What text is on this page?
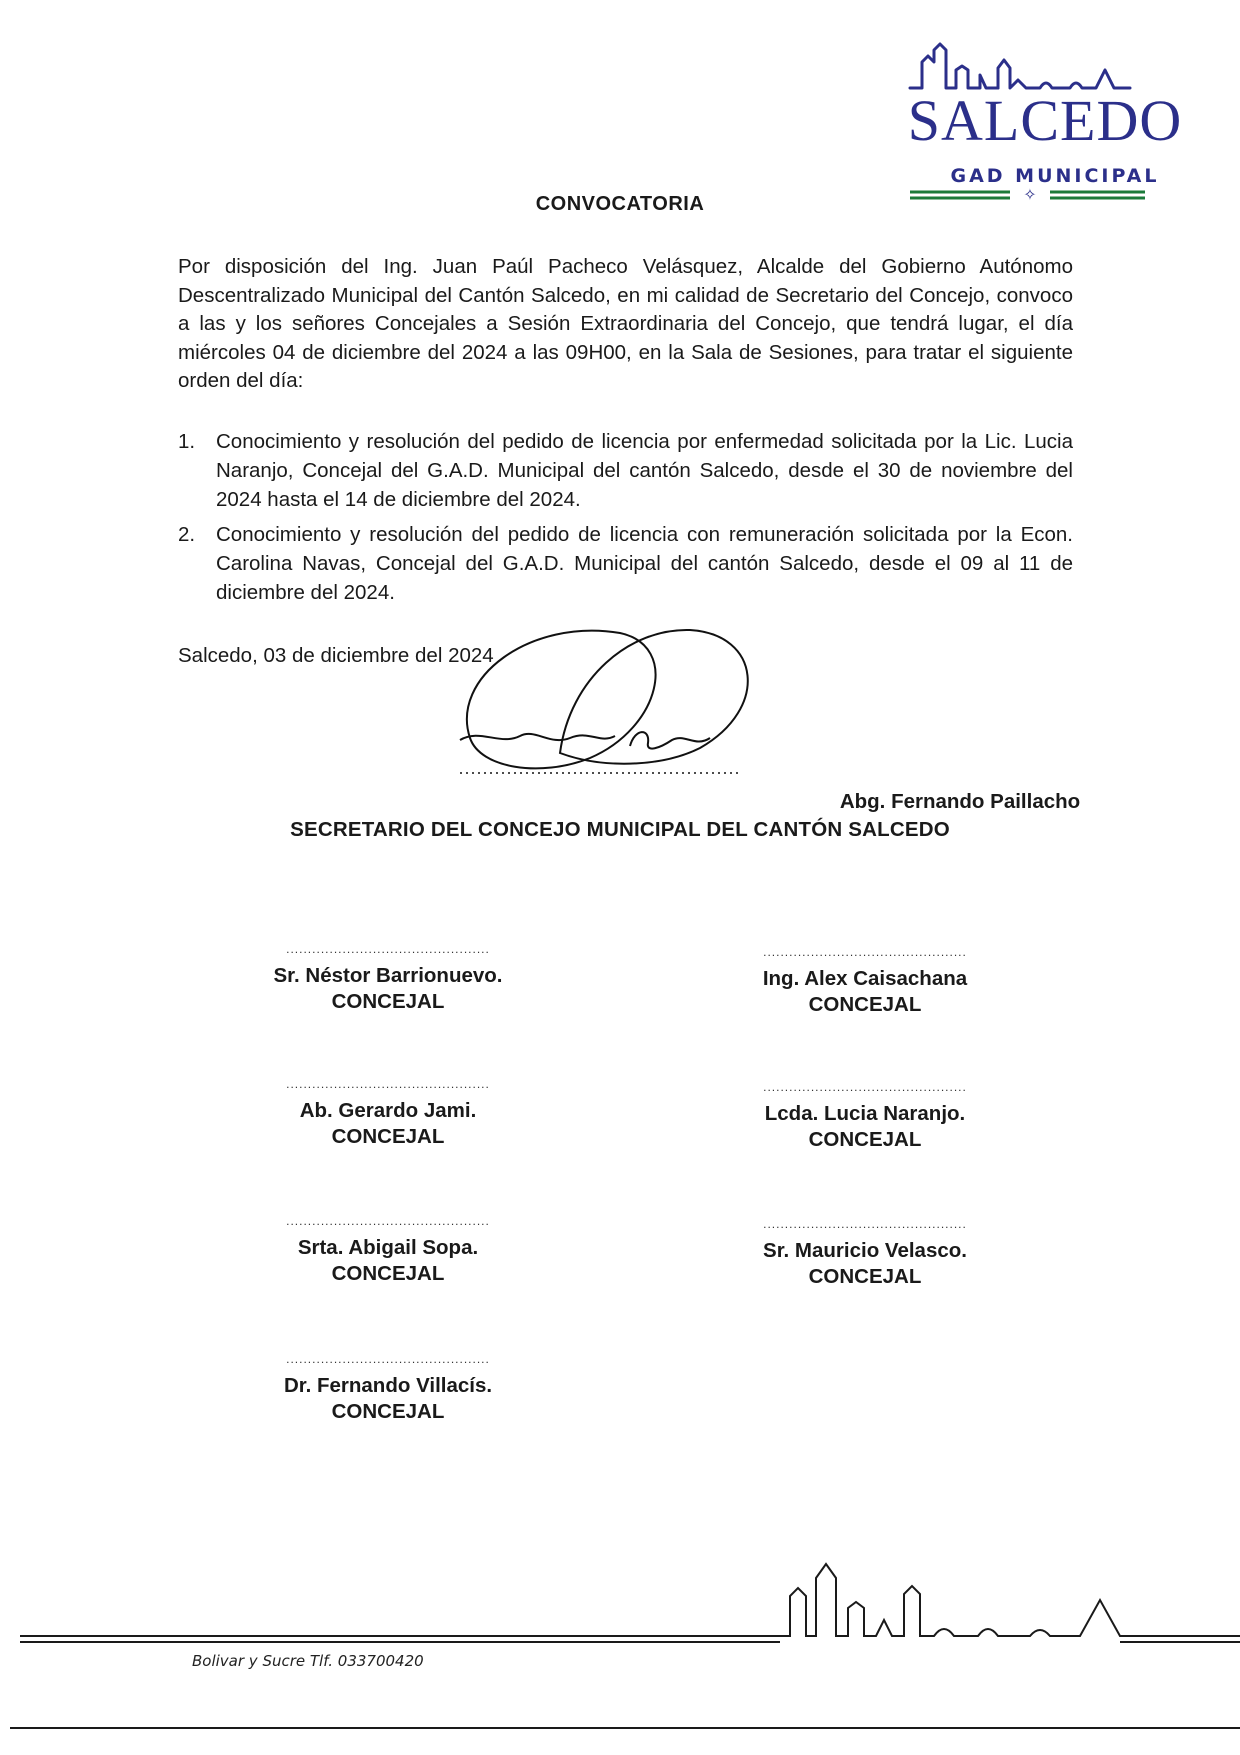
✧
SALCEDO
GAD MUNICIPAL
CONVOCATORIA

Por disposición del Ing. Juan Paúl Pacheco Velásquez, Alcalde del Gobierno Autónomo Descentralizado Municipal del Cantón Salcedo, en mi calidad de Secretario del Concejo, convoco a las y los señores Concejales a Sesión Extraordinaria del Concejo, que tendrá lugar, el día miércoles 04 de diciembre del 2024 a las 09H00, en la Sala de Sesiones, para tratar el siguiente orden del día:

1. Conocimiento y resolución del pedido de licencia por enfermedad solicitada por la Lic. Lucia Naranjo, Concejal del G.A.D. Municipal del cantón Salcedo, desde el 30 de noviembre del 2024 hasta el 14 de diciembre del 2024.
2. Conocimiento y resolución del pedido de licencia con remuneración solicitada por la Econ. Carolina Navas, Concejal del G.A.D. Municipal del cantón Salcedo, desde el 09 al 11 de diciembre del 2024.
Salcedo, 03 de diciembre del 2024
Abg. Fernando Paillacho
SECRETARIO DEL CONCEJO MUNICIPAL DEL CANTÓN SALCEDO
...............................................
Sr. Néstor Barrionuevo.
CONCEJAL
...............................................
Ing. Alex Caisachana
CONCEJAL
...............................................
Ab. Gerardo Jami.
CONCEJAL
...............................................
Lcda. Lucia Naranjo.
CONCEJAL
...............................................
Srta. Abigail Sopa.
CONCEJAL
...............................................
Sr. Mauricio Velasco.
CONCEJAL
...............................................
Dr. Fernando Villacís.
CONCEJAL
Bolivar y Sucre Tlf. 033700420
